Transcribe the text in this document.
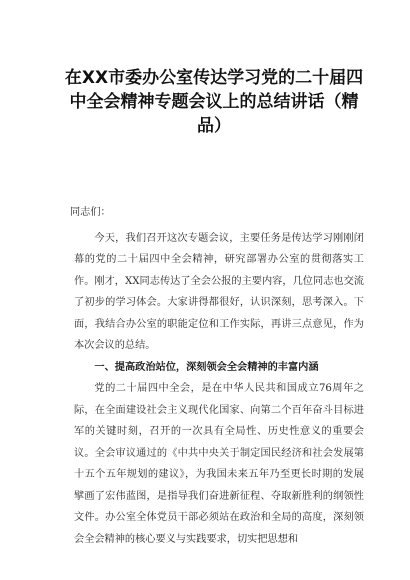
在XX市委办公室传达学习党的二十届四中全会精神专题会议上的总结讲话（精品）

同志们：

今天，我们召开这次专题会议，主要任务是传达学习刚刚闭幕的党的二十届四中全会精神，研究部署办公室的贯彻落实工作。刚才，XX同志传达了全会公报的主要内容，几位同志也交流了初步的学习体会。大家讲得都很好，认识深刻，思考深入。下面，我结合办公室的职能定位和工作实际，再讲三点意见，作为本次会议的总结。

一、提高政治站位，深刻领会全会精神的丰富内涵

党的二十届四中全会，是在中华人民共和国成立76周年之际，在全面建设社会主义现代化国家、向第二个百年奋斗目标进军的关键时刻，召开的一次具有全局性、历史性意义的重要会议。全会审议通过的《中共中央关于制定国民经济和社会发展第十五个五年规划的建议》，为我国未来五年乃至更长时期的发展擘画了宏伟蓝图，是指导我们奋进新征程、夺取新胜利的纲领性文件。办公室全体党员干部必须站在政治和全局的高度，深刻领会全会精神的核心要义与实践要求，切实把思想和
